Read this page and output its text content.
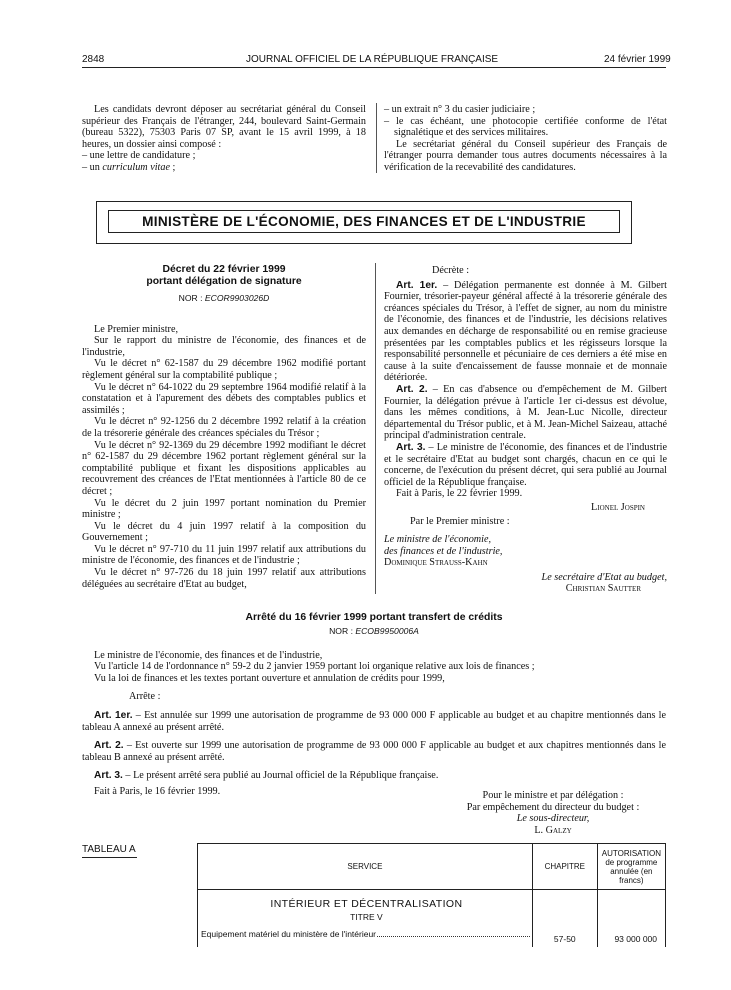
2848	JOURNAL OFFICIEL DE LA RÉPUBLIQUE FRANÇAISE	24 février 1999

Les candidats devront déposer au secrétariat général du Conseil supérieur des Français de l'étranger, 244, boulevard Saint-Germain (bureau 5322), 75303 Paris 07 SP, avant le 15 avril 1999, à 18 heures, un dossier ainsi composé :

– une lettre de candidature ;

– un curriculum vitae ;

– un extrait n° 3 du casier judiciaire ;

– le cas échéant, une photocopie certifiée conforme de l'état signalétique et des services militaires.

Le secrétariat général du Conseil supérieur des Français de l'étranger pourra demander tous autres documents nécessaires à la vérification de la recevabilité des candidatures.

MINISTÈRE DE L'ÉCONOMIE, DES FINANCES ET DE L'INDUSTRIE
Décret du 22 février 1999
portant délégation de signature
NOR : ECOR9903026D

Le Premier ministre,

Sur le rapport du ministre de l'économie, des finances et de l'industrie,

Vu le décret n° 62-1587 du 29 décembre 1962 modifié portant règlement général sur la comptabilité publique ;

Vu le décret n° 64-1022 du 29 septembre 1964 modifié relatif à la constatation et à l'apurement des débets des comptables publics et assimilés ;

Vu le décret n° 92-1256 du 2 décembre 1992 relatif à la création de la trésorerie générale des créances spéciales du Trésor ;

Vu le décret n° 92-1369 du 29 décembre 1992 modifiant le décret n° 62-1587 du 29 décembre 1962 portant règlement général sur la comptabilité publique et fixant les dispositions applicables au recouvrement des créances de l'Etat mentionnées à l'article 80 de ce décret ;

Vu le décret du 2 juin 1997 portant nomination du Premier ministre ;

Vu le décret du 4 juin 1997 relatif à la composition du Gouvernement ;

Vu le décret n° 97-710 du 11 juin 1997 relatif aux attributions du ministre de l'économie, des finances et de l'industrie ;

Vu le décret n° 97-726 du 18 juin 1997 relatif aux attributions déléguées au secrétaire d'Etat au budget,

Décrète :

Art. 1er. – Délégation permanente est donnée à M. Gilbert Fournier, trésorier-payeur général affecté à la trésorerie générale des créances spéciales du Trésor, à l'effet de signer, au nom du ministre de l'économie, des finances et de l'industrie, les décisions relatives aux demandes en décharge de responsabilité ou en remise gracieuse présentées par les comptables publics et les régisseurs lorsque la responsabilité personnelle et pécuniaire de ces derniers a été mise en cause à la suite d'encaissement de fausse monnaie et de monnaie détériorée.

Art. 2. – En cas d'absence ou d'empêchement de M. Gilbert Fournier, la délégation prévue à l'article 1er ci-dessus est dévolue, dans les mêmes conditions, à M. Jean-Luc Nicolle, directeur départemental du Trésor public, et à M. Jean-Michel Saizeau, attaché principal d'administration centrale.

Art. 3. – Le ministre de l'économie, des finances et de l'industrie et le secrétaire d'Etat au budget sont chargés, chacun en ce qui le concerne, de l'exécution du présent décret, qui sera publié au Journal officiel de la République française.

Fait à Paris, le 22 février 1999.

Lionel Jospin

Par le Premier ministre :

Le ministre de l'économie,

des finances et de l'industrie,

Dominique Strauss-Kahn

Le secrétaire d'Etat au budget,

Christian Sautter

Arrêté du 16 février 1999 portant transfert de crédits
NOR : ECOB9950006A

Le ministre de l'économie, des finances et de l'industrie,

Vu l'article 14 de l'ordonnance n° 59-2 du 2 janvier 1959 portant loi organique relative aux lois de finances ;

Vu la loi de finances et les textes portant ouverture et annulation de crédits pour 1999,

Arrête :

Art. 1er. – Est annulée sur 1999 une autorisation de programme de 93 000 000 F applicable au budget et au chapitre mentionnés dans le tableau A annexé au présent arrêté.

Art. 2. – Est ouverte sur 1999 une autorisation de programme de 93 000 000 F applicable au budget et aux chapitres mentionnés dans le tableau B annexé au présent arrêté.

Art. 3. – Le présent arrêté sera publié au Journal officiel de la République française.

Fait à Paris, le 16 février 1999.	Pour le ministre et par délégation :

Par empêchement du directeur du budget :

Le sous-directeur,

L. Galzy

TABLEAU A
SERVICE	CHAPITRE	AUTORISATION de programme annulée (en francs)

INTÉRIEUR ET DÉCENTRALISATION
TITRE V
Equipement matériel du ministère de l'intérieur	57-50	93 000 000
